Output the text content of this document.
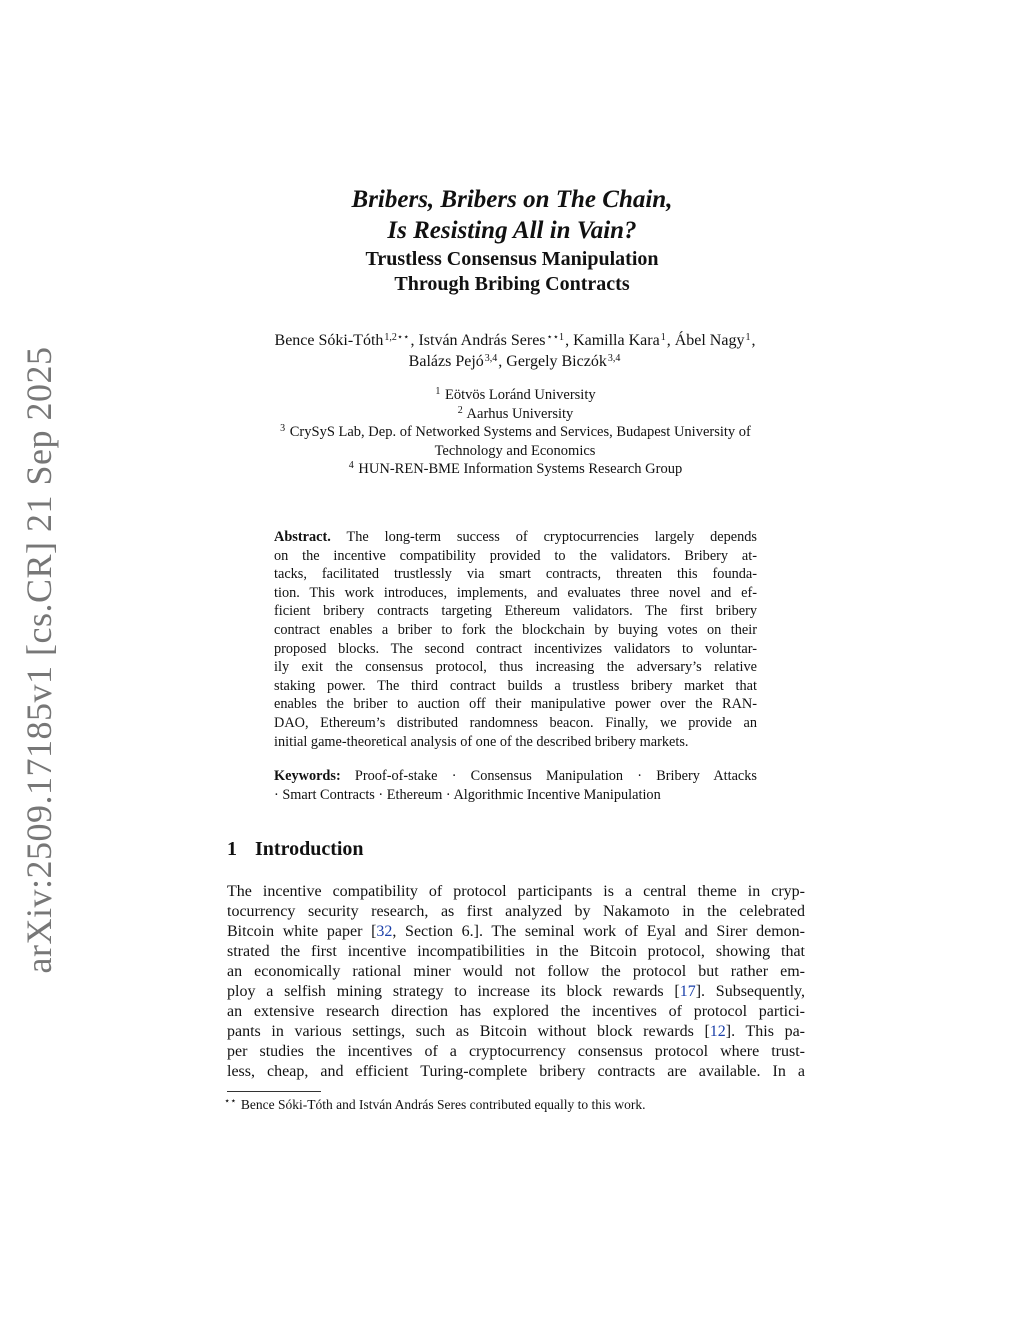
arXiv:2509.17185v1 [cs.CR] 21 Sep 2025
Bribers, Bribers on The Chain,
Is Resisting All in Vain?
Trustless Consensus Manipulation
Through Bribing Contracts
Bence Sóki-Tóth$^{1,2⋆⋆}$, István András Seres$^{⋆⋆1}$, Kamilla Kara$^1$, Ábel Nagy$^1$,
Balázs Pejó$^{3,4}$, Gergely Biczók$^{3,4}$
$^1$ Eötvös Loránd University
$^2$ Aarhus University
$^3$ CrySyS Lab, Dep. of Networked Systems and Services, Budapest University of
Technology and Economics
$^4$ HUN-REN-BME Information Systems Research Group
Abstract. The long-term success of cryptocurrencies largely depends
on the incentive compatibility provided to the validators. Bribery at-
tacks, facilitated trustlessly via smart contracts, threaten this founda-
tion. This work introduces, implements, and evaluates three novel and ef-
ficient bribery contracts targeting Ethereum validators. The first bribery
contract enables a briber to fork the blockchain by buying votes on their
proposed blocks. The second contract incentivizes validators to voluntar-
ily exit the consensus protocol, thus increasing the adversary’s relative
staking power. The third contract builds a trustless bribery market that
enables the briber to auction off their manipulative power over the RAN-
DAO, Ethereum’s distributed randomness beacon. Finally, we provide an
initial game-theoretical analysis of one of the described bribery markets.
Keywords: Proof-of-stake · Consensus Manipulation · Bribery Attacks
· Smart Contracts · Ethereum · Algorithmic Incentive Manipulation
1 Introduction
The incentive compatibility of protocol participants is a central theme in cryp-
tocurrency security research, as first analyzed by Nakamoto in the celebrated
Bitcoin white paper [32, Section 6.]. The seminal work of Eyal and Sirer demon-
strated the first incentive incompatibilities in the Bitcoin protocol, showing that
an economically rational miner would not follow the protocol but rather em-
ploy a selfish mining strategy to increase its block rewards [17]. Subsequently,
an extensive research direction has explored the incentives of protocol partici-
pants in various settings, such as Bitcoin without block rewards [12]. This pa-
per studies the incentives of a cryptocurrency consensus protocol where trust-
less, cheap, and efficient Turing-complete bribery contracts are available. In a
⋆⋆ Bence Sóki-Tóth and István András Seres contributed equally to this work.
